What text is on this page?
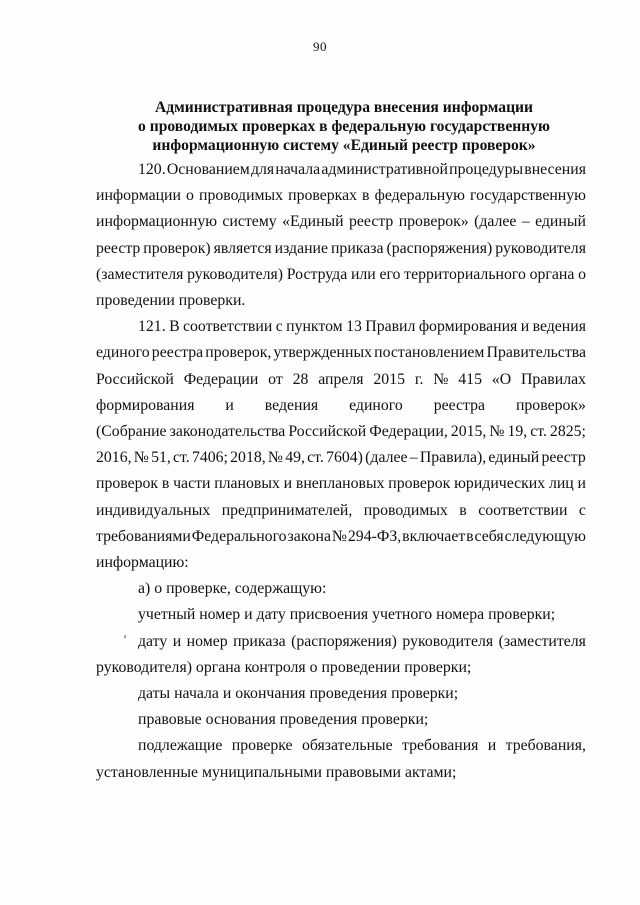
90
Административная процедура внесения информации
о проводимых проверках в федеральную государственную
информационную систему «Единый реестр проверок»
120. Основанием для начала административной процедуры внесения
информации о проводимых проверках в федеральную государственную
информационную систему «Единый реестр проверок» (далее – единый
реестр проверок) является издание приказа (распоряжения) руководителя
(заместителя руководителя) Роструда или его территориального органа о
проведении проверки.
121. В соответствии с пунктом 13 Правил формирования и ведения
единого реестра проверок, утвержденных постановлением Правительства
Российской Федерации от 28 апреля 2015 г. № 415 «О Правилах
формирования и ведения единого реестра проверок»
(Собрание законодательства Российской Федерации, 2015, № 19, ст. 2825;
2016, № 51, ст. 7406; 2018, № 49, ст. 7604) (далее – Правила), единый реестр
проверок в части плановых и внеплановых проверок юридических лиц и
индивидуальных предпринимателей, проводимых в соответствии с
требованиями Федерального закона № 294-ФЗ, включает в себя следующую
информацию:
а) о проверке, содержащую:
учетный номер и дату присвоения учетного номера проверки;
дату и номер приказа (распоряжения) руководителя (заместителя
руководителя) органа контроля о проведении проверки;
даты начала и окончания проведения проверки;
правовые основания проведения проверки;
подлежащие проверке обязательные требования и требования,
установленные муниципальными правовыми актами;
'
